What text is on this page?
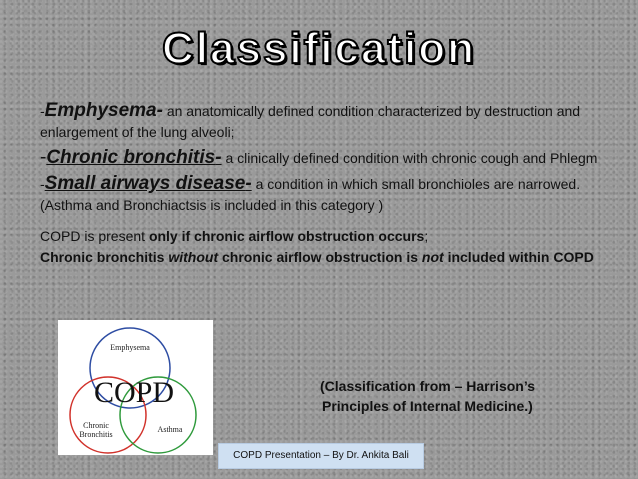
Classification
-Emphysema- an anatomically defined condition characterized by destruction and enlargement of the lung alveoli;
-Chronic bronchitis- a clinically defined condition with chronic cough and Phlegm
-Small airways disease- a condition in which small bronchioles are narrowed.
(Asthma and Bronchiactsis is included in this category )
COPD is present only if chronic airflow obstruction occurs;
Chronic bronchitis without chronic airflow obstruction is not included within COPD
Emphysema
COPD
Chronic Bronchitis
Asthma
(Classification from – Harrison’s
Principles of Internal Medicine.)
COPD Presentation – By Dr. Ankita Bali
